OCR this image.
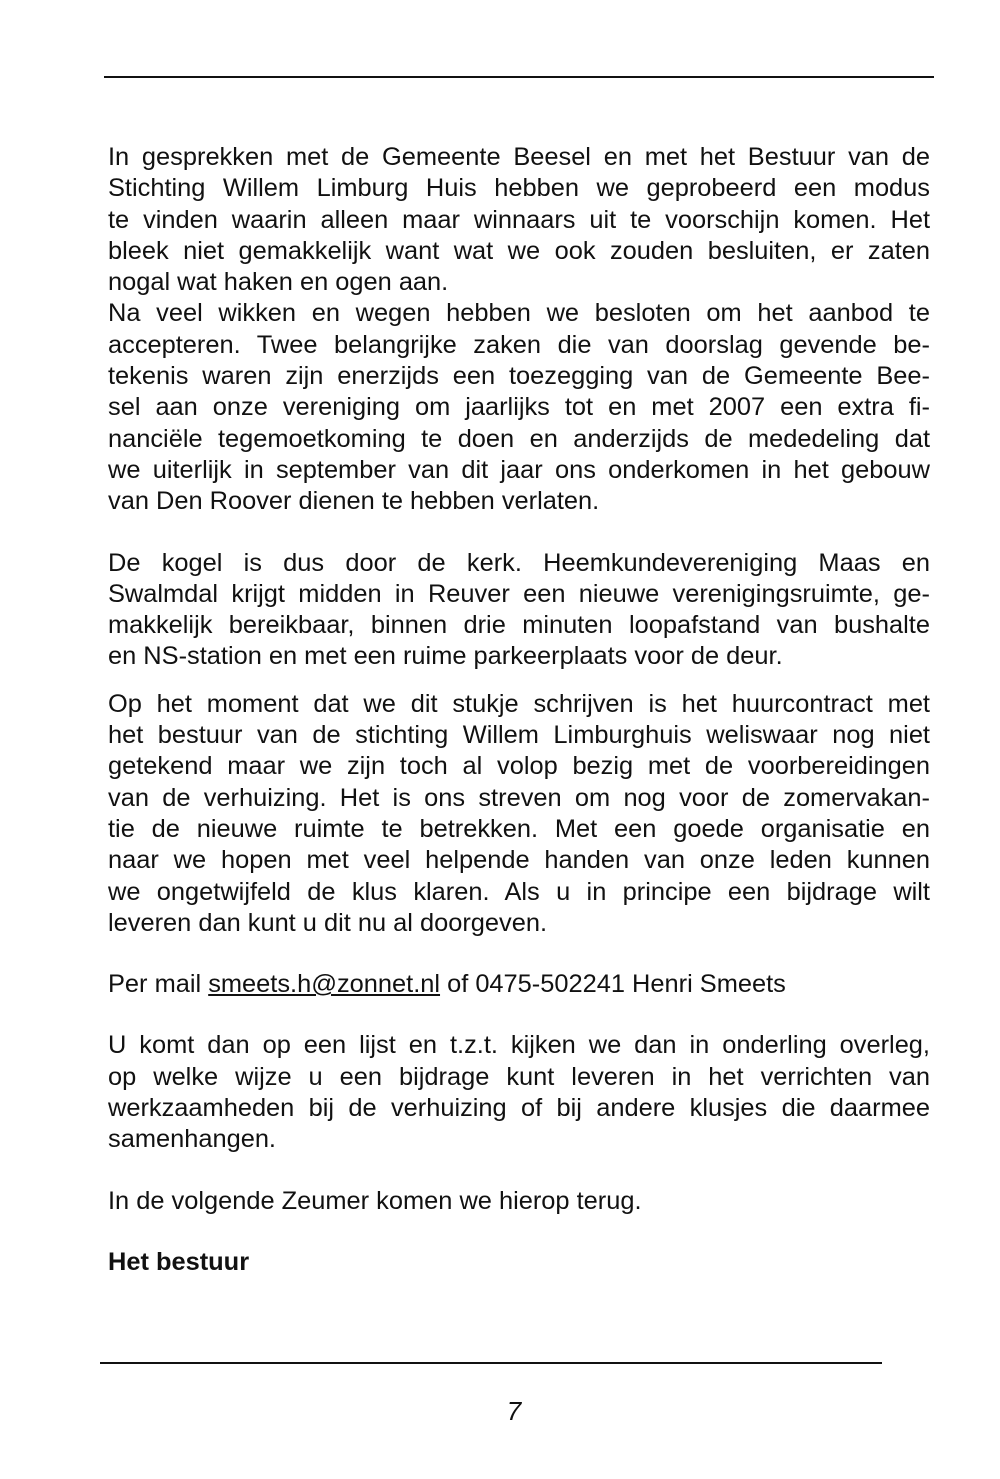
In gesprekken met de Gemeente Beesel en met het Bestuur van de
Stichting Willem Limburg Huis hebben we geprobeerd een modus
te vinden waarin alleen maar winnaars uit te voorschijn komen. Het
bleek niet gemakkelijk want wat we ook zouden besluiten, er zaten
nogal wat haken en ogen aan.
Na veel wikken en wegen hebben we besloten om het aanbod te
accepteren. Twee belangrijke zaken die van doorslag gevende be-
tekenis waren zijn enerzijds een toezegging van de Gemeente Bee-
sel aan onze vereniging om jaarlijks tot en met 2007 een extra fi-
nanciële tegemoetkoming te doen en anderzijds de mededeling dat
we uiterlijk in september van dit jaar ons onderkomen in het gebouw
van Den Roover dienen te hebben verlaten.
De kogel is dus door de kerk. Heemkundevereniging Maas en
Swalmdal krijgt midden in Reuver een nieuwe verenigingsruimte, ge-
makkelijk bereikbaar, binnen drie minuten loopafstand van bushalte
en NS-station en met een ruime parkeerplaats voor de deur.
Op het moment dat we dit stukje schrijven is het huurcontract met
het bestuur van de stichting Willem Limburghuis weliswaar nog niet
getekend maar we zijn toch al volop bezig met de voorbereidingen
van de verhuizing. Het is ons streven om nog voor de zomervakan-
tie de nieuwe ruimte te betrekken. Met een goede organisatie en
naar we hopen met veel helpende handen van onze leden kunnen
we ongetwijfeld de klus klaren. Als u in principe een bijdrage wilt
leveren dan kunt u dit nu al doorgeven.
Per mail smeets.h@zonnet.nl of 0475-502241 Henri Smeets
U komt dan op een lijst en t.z.t. kijken we dan in onderling overleg,
op welke wijze u een bijdrage kunt leveren in het verrichten van
werkzaamheden bij de verhuizing of bij andere klusjes die daarmee
samenhangen.
In de volgende Zeumer komen we hierop terug.
Het bestuur
7
